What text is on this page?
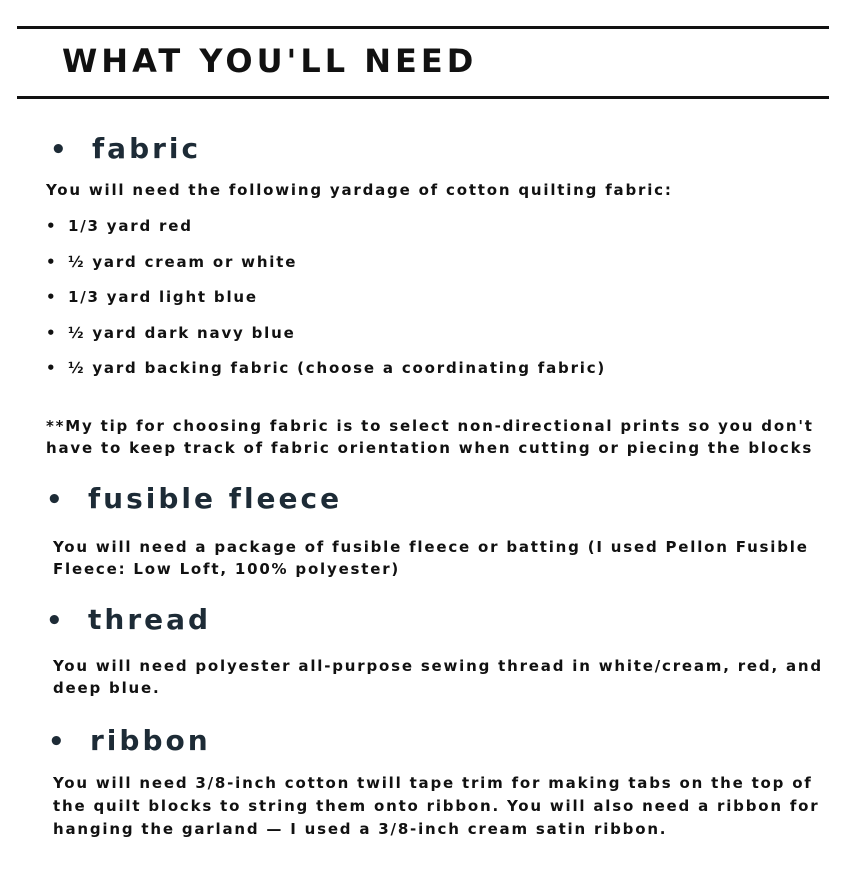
WHAT YOU'LL NEED
• fabric

You will need the following yardage of cotton quilting fabric:

• 1/3 yard red
• ½ yard cream or white
• 1/3 yard light blue
• ½ yard dark navy blue
• ½ yard backing fabric (choose a coordinating fabric)

**My tip for choosing fabric is to select non-directional prints so you don't have to keep track of fabric orientation when cutting or piecing the blocks

• fusible fleece

You will need a package of fusible fleece or batting (I used Pellon Fusible Fleece: Low Loft, 100% polyester)

• thread

You will need polyester all-purpose sewing thread in white/cream, red, and deep blue.

• ribbon

You will need 3/8-inch cotton twill tape trim for making tabs on the top of the quilt blocks to string them onto ribbon. You will also need a ribbon for hanging the garland — I used a 3/8-inch cream satin ribbon.
